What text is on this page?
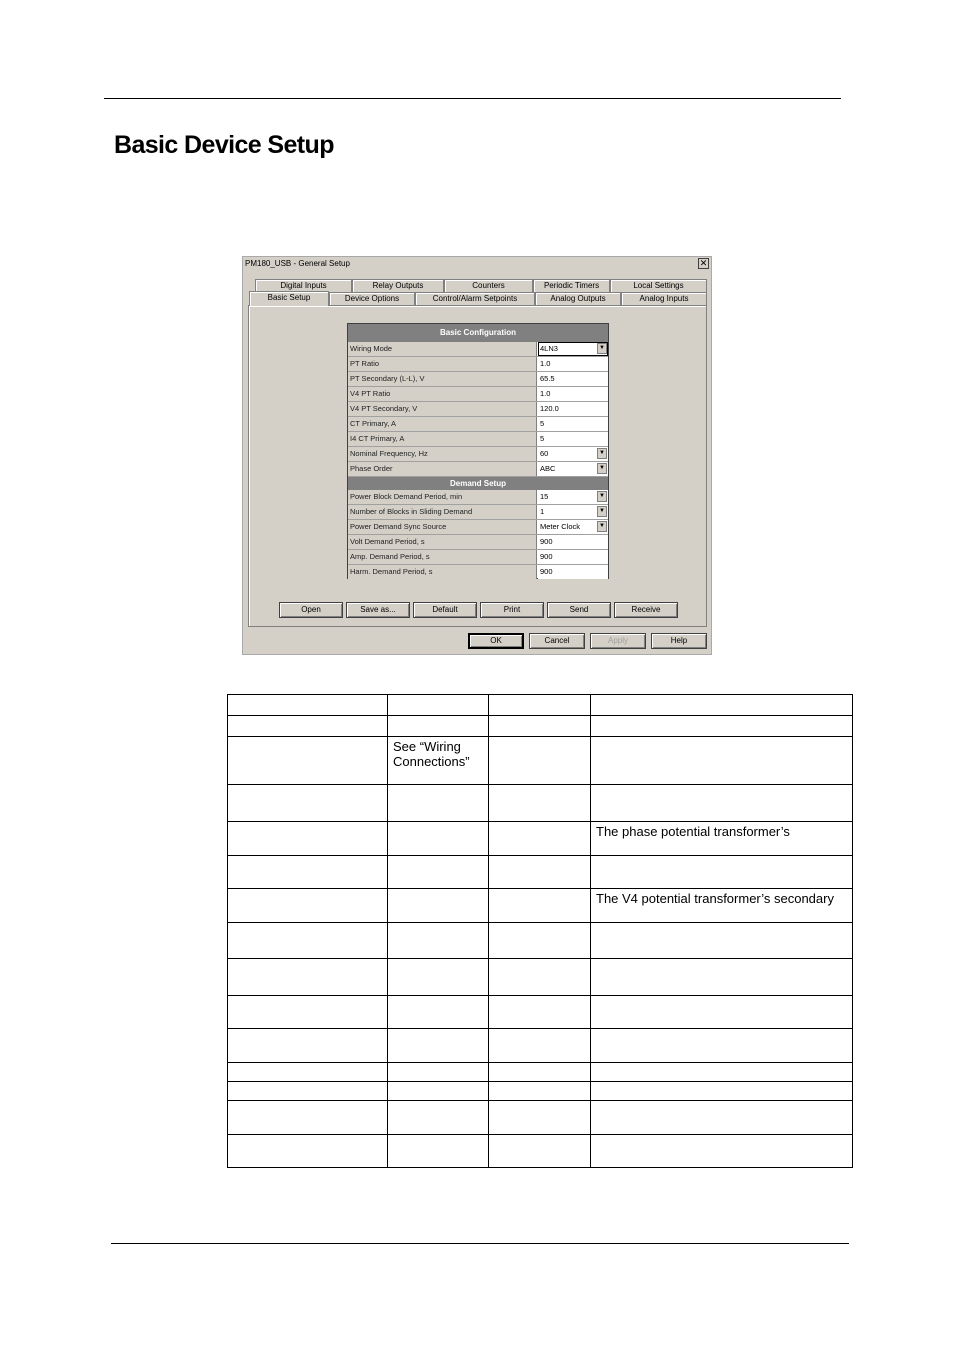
Basic Device Setup
PM180_USB - General Setup	✕
Digital Inputs	Relay Outputs	Counters	Periodic Timers	Local Settings
Basic Setup	Device Options	Control/Alarm Setpoints	Analog Outputs	Analog Inputs
Basic Configuration
Wiring Mode	4LN3	▼
PT Ratio	1.0
PT Secondary (L-L), V	65.5
V4 PT Ratio	1.0
V4 PT Secondary, V	120.0
CT Primary, A	5
I4 CT Primary, A	5
Nominal Frequency, Hz	60	▼
Phase Order	ABC	▼
Demand Setup
Power Block Demand Period, min	15	▼
Number of Blocks in Sliding Demand	1	▼
Power Demand Sync Source	Meter Clock	▼
Volt Demand Period, s	900
Amp. Demand Period, s	900
Harm. Demand Period, s	900
Open	Save as...	Default	Print	Send	Receive
OK	Cancel	Apply	Help

	See “Wiring Connections”		

			The phase potential transformer’s

			The V4 potential transformer’s secondary
